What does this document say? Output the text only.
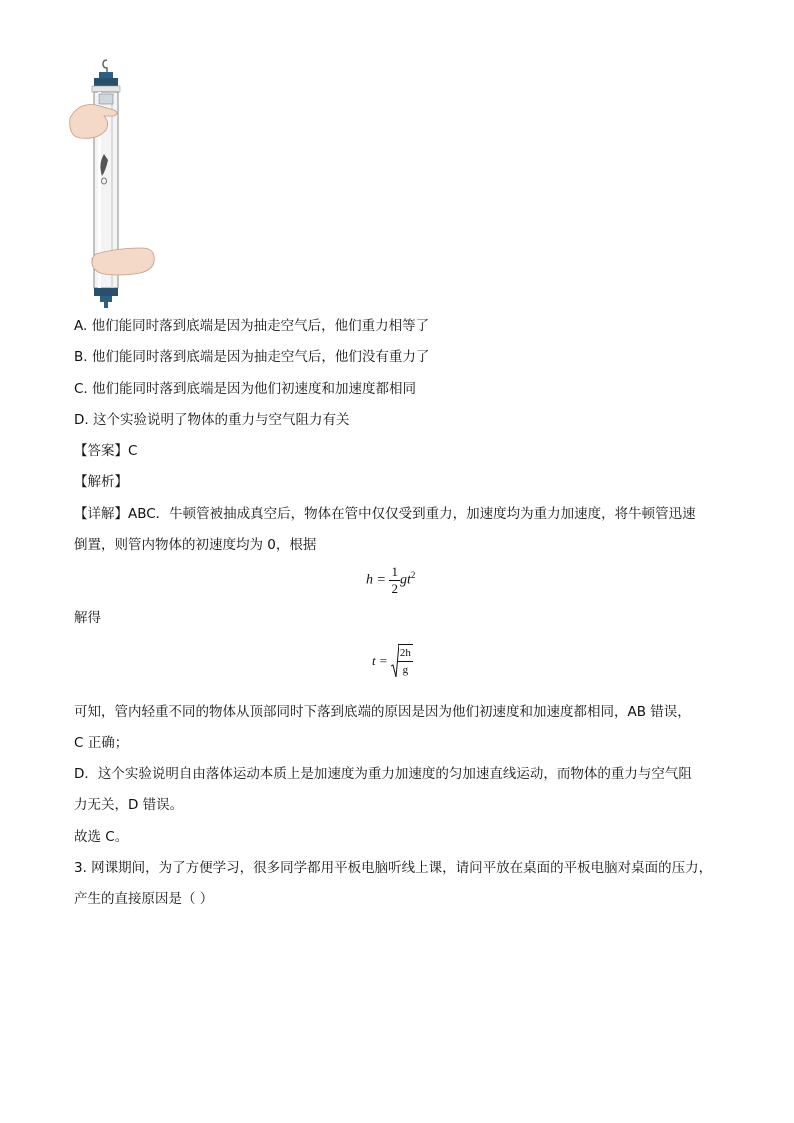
A. 他们能同时落到底端是因为抽走空气后，他们重力相等了
B. 他们能同时落到底端是因为抽走空气后，他们没有重力了
C. 他们能同时落到底端是因为他们初速度和加速度都相同
D. 这个实验说明了物体的重力与空气阻力有关
【答案】C
【解析】
【详解】ABC．牛顿管被抽成真空后，物体在管中仅仅受到重力，加速度均为重力加速度，将牛顿管迅速
倒置，则管内物体的初速度均为 0，根据
$h = \frac{1}{2} gt^2$
解得
$t = \frac{2h}{g}$
可知，管内轻重不同的物体从顶部同时下落到底端的原因是因为他们初速度和加速度都相同，AB 错误，
C 正确；
D．这个实验说明自由落体运动本质上是加速度为重力加速度的匀加速直线运动，而物体的重力与空气阻
力无关，D 错误。
故选 C。
3. 网课期间，为了方便学习，很多同学都用平板电脑听线上课，请问平放在桌面的平板电脑对桌面的压力，
产生的直接原因是（ ）
